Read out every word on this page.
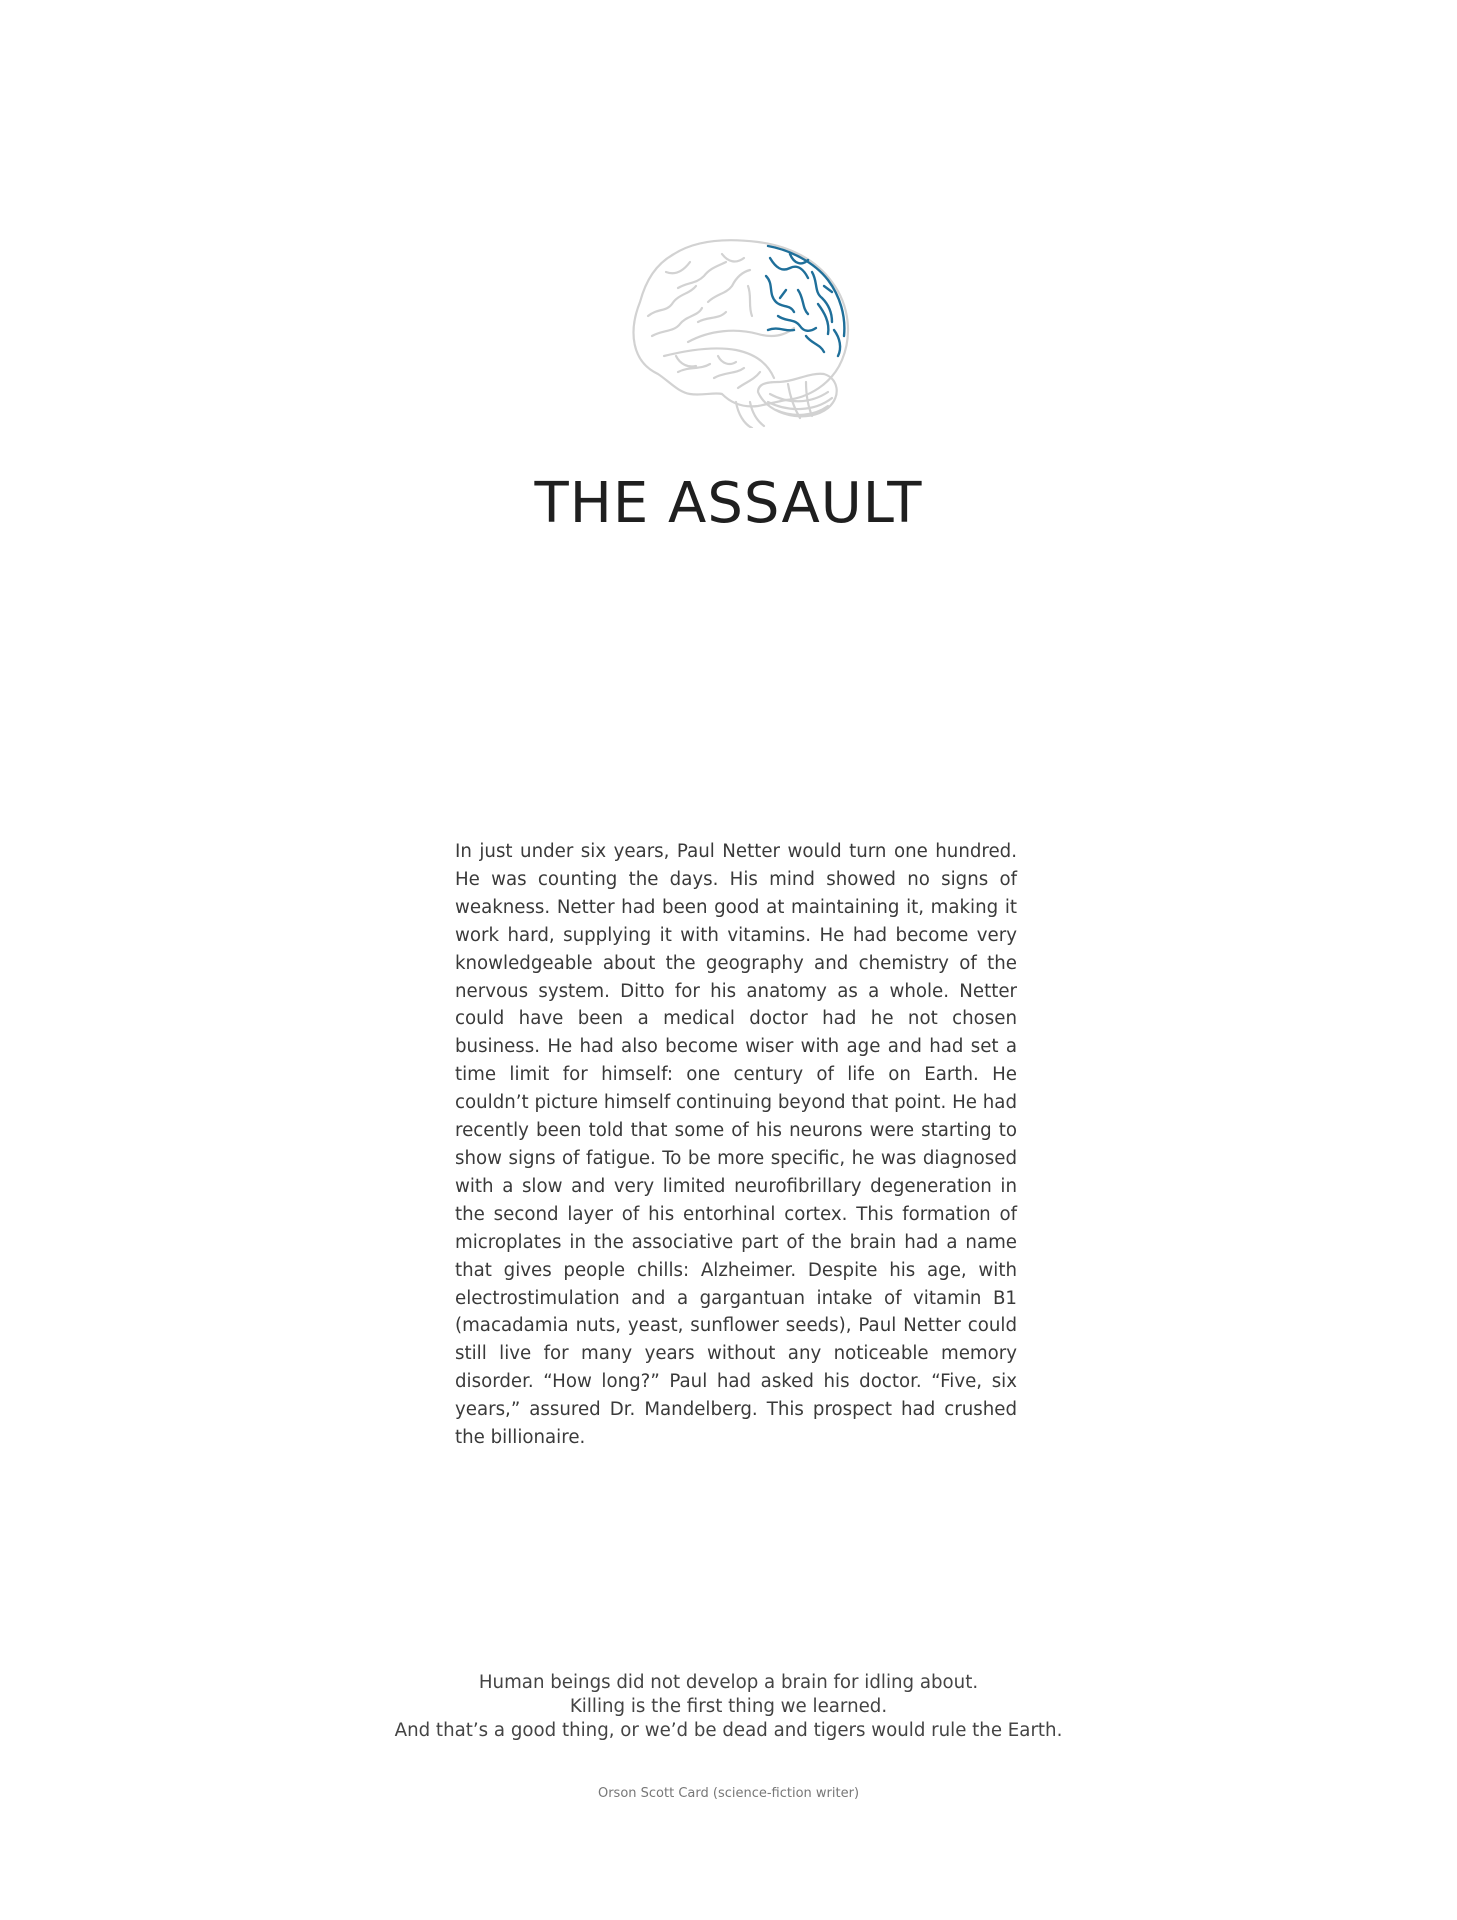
THE ASSAULT

In just under six years, Paul Netter would turn one hundred. He was counting the days. His mind showed no signs of weakness. Netter had been good at maintaining it, making it work hard, supplying it with vitamins. He had become very knowledgeable about the geography and chemistry of the nervous system. Ditto for his anatomy as a whole. Netter could have been a medical doctor had he not chosen business. He had also become wiser with age and had set a time limit for himself: one century of life on Earth. He couldn’t picture himself continuing beyond that point. He had recently been told that some of his neurons were starting to show signs of fatigue. To be more specific, he was diagnosed with a slow and very limited neurofibrillary degeneration in the second layer of his entorhinal cortex. This formation of microplates in the associative part of the brain had a name that gives people chills: Alzheimer. Despite his age, with electrostimulation and a gargantuan intake of vitamin B1 (macadamia nuts, yeast, sunflower seeds), Paul Netter could still live for many years without any noticeable memory disorder. “How long?” Paul had asked his doctor. “Five, six years,” assured Dr. Mandelberg. This prospect had crushed the billionaire.

Human beings did not develop a brain for idling about.
Killing is the first thing we learned.
And that’s a good thing, or we’d be dead and tigers would rule the Earth.
Orson Scott Card (science-fiction writer)
